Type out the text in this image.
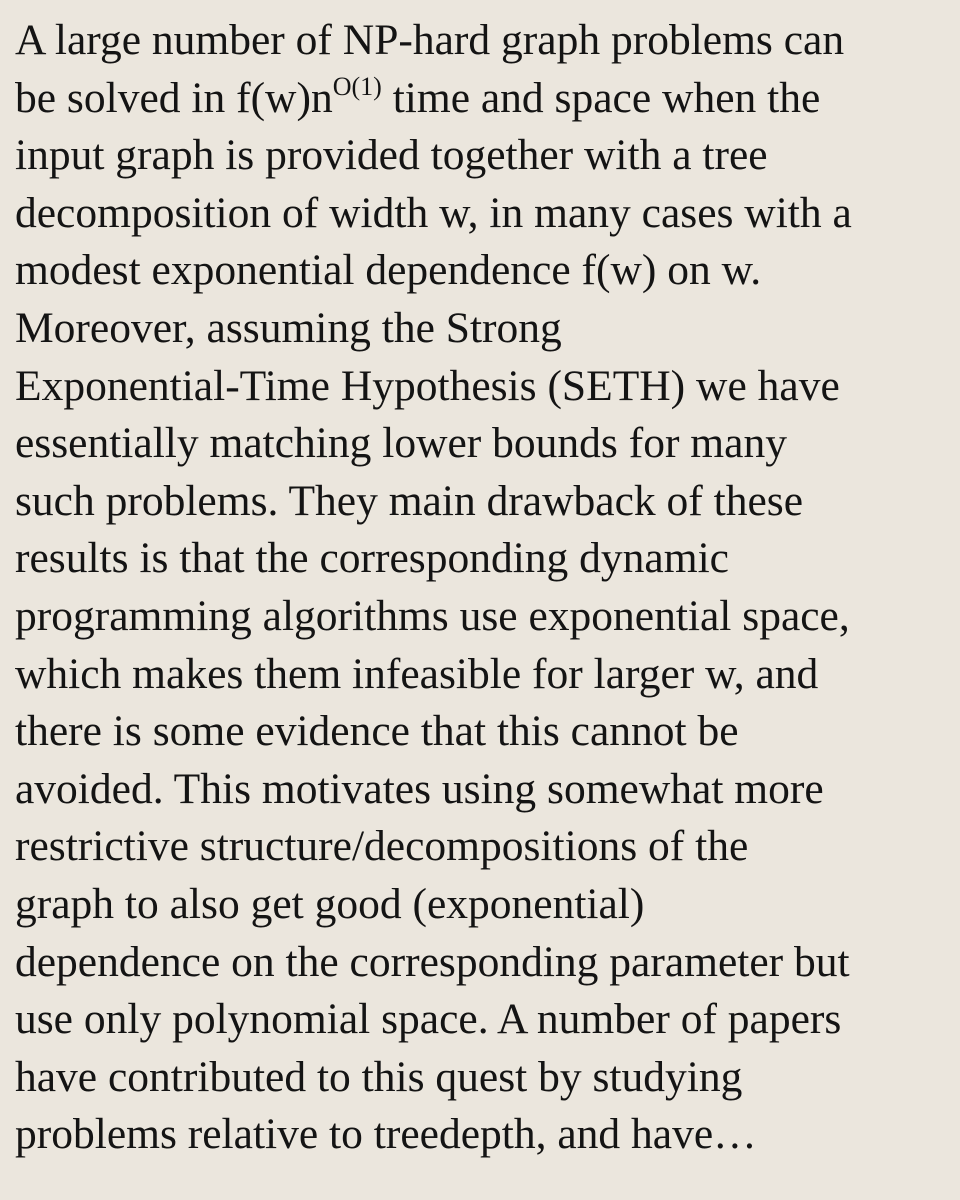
A large number of NP-hard graph problems can
be solved in $f(w)n^{O(1)}$ time and space when the
input graph is provided together with a tree
decomposition of width w, in many cases with a
modest exponential dependence f(w) on w.
Moreover, assuming the Strong
Exponential-Time Hypothesis (SETH) we have
essentially matching lower bounds for many
such problems. They main drawback of these
results is that the corresponding dynamic
programming algorithms use exponential space,
which makes them infeasible for larger w, and
there is some evidence that this cannot be
avoided. This motivates using somewhat more
restrictive structure/decompositions of the
graph to also get good (exponential)
dependence on the corresponding parameter but
use only polynomial space. A number of papers
have contributed to this quest by studying
problems relative to treedepth, and have…
